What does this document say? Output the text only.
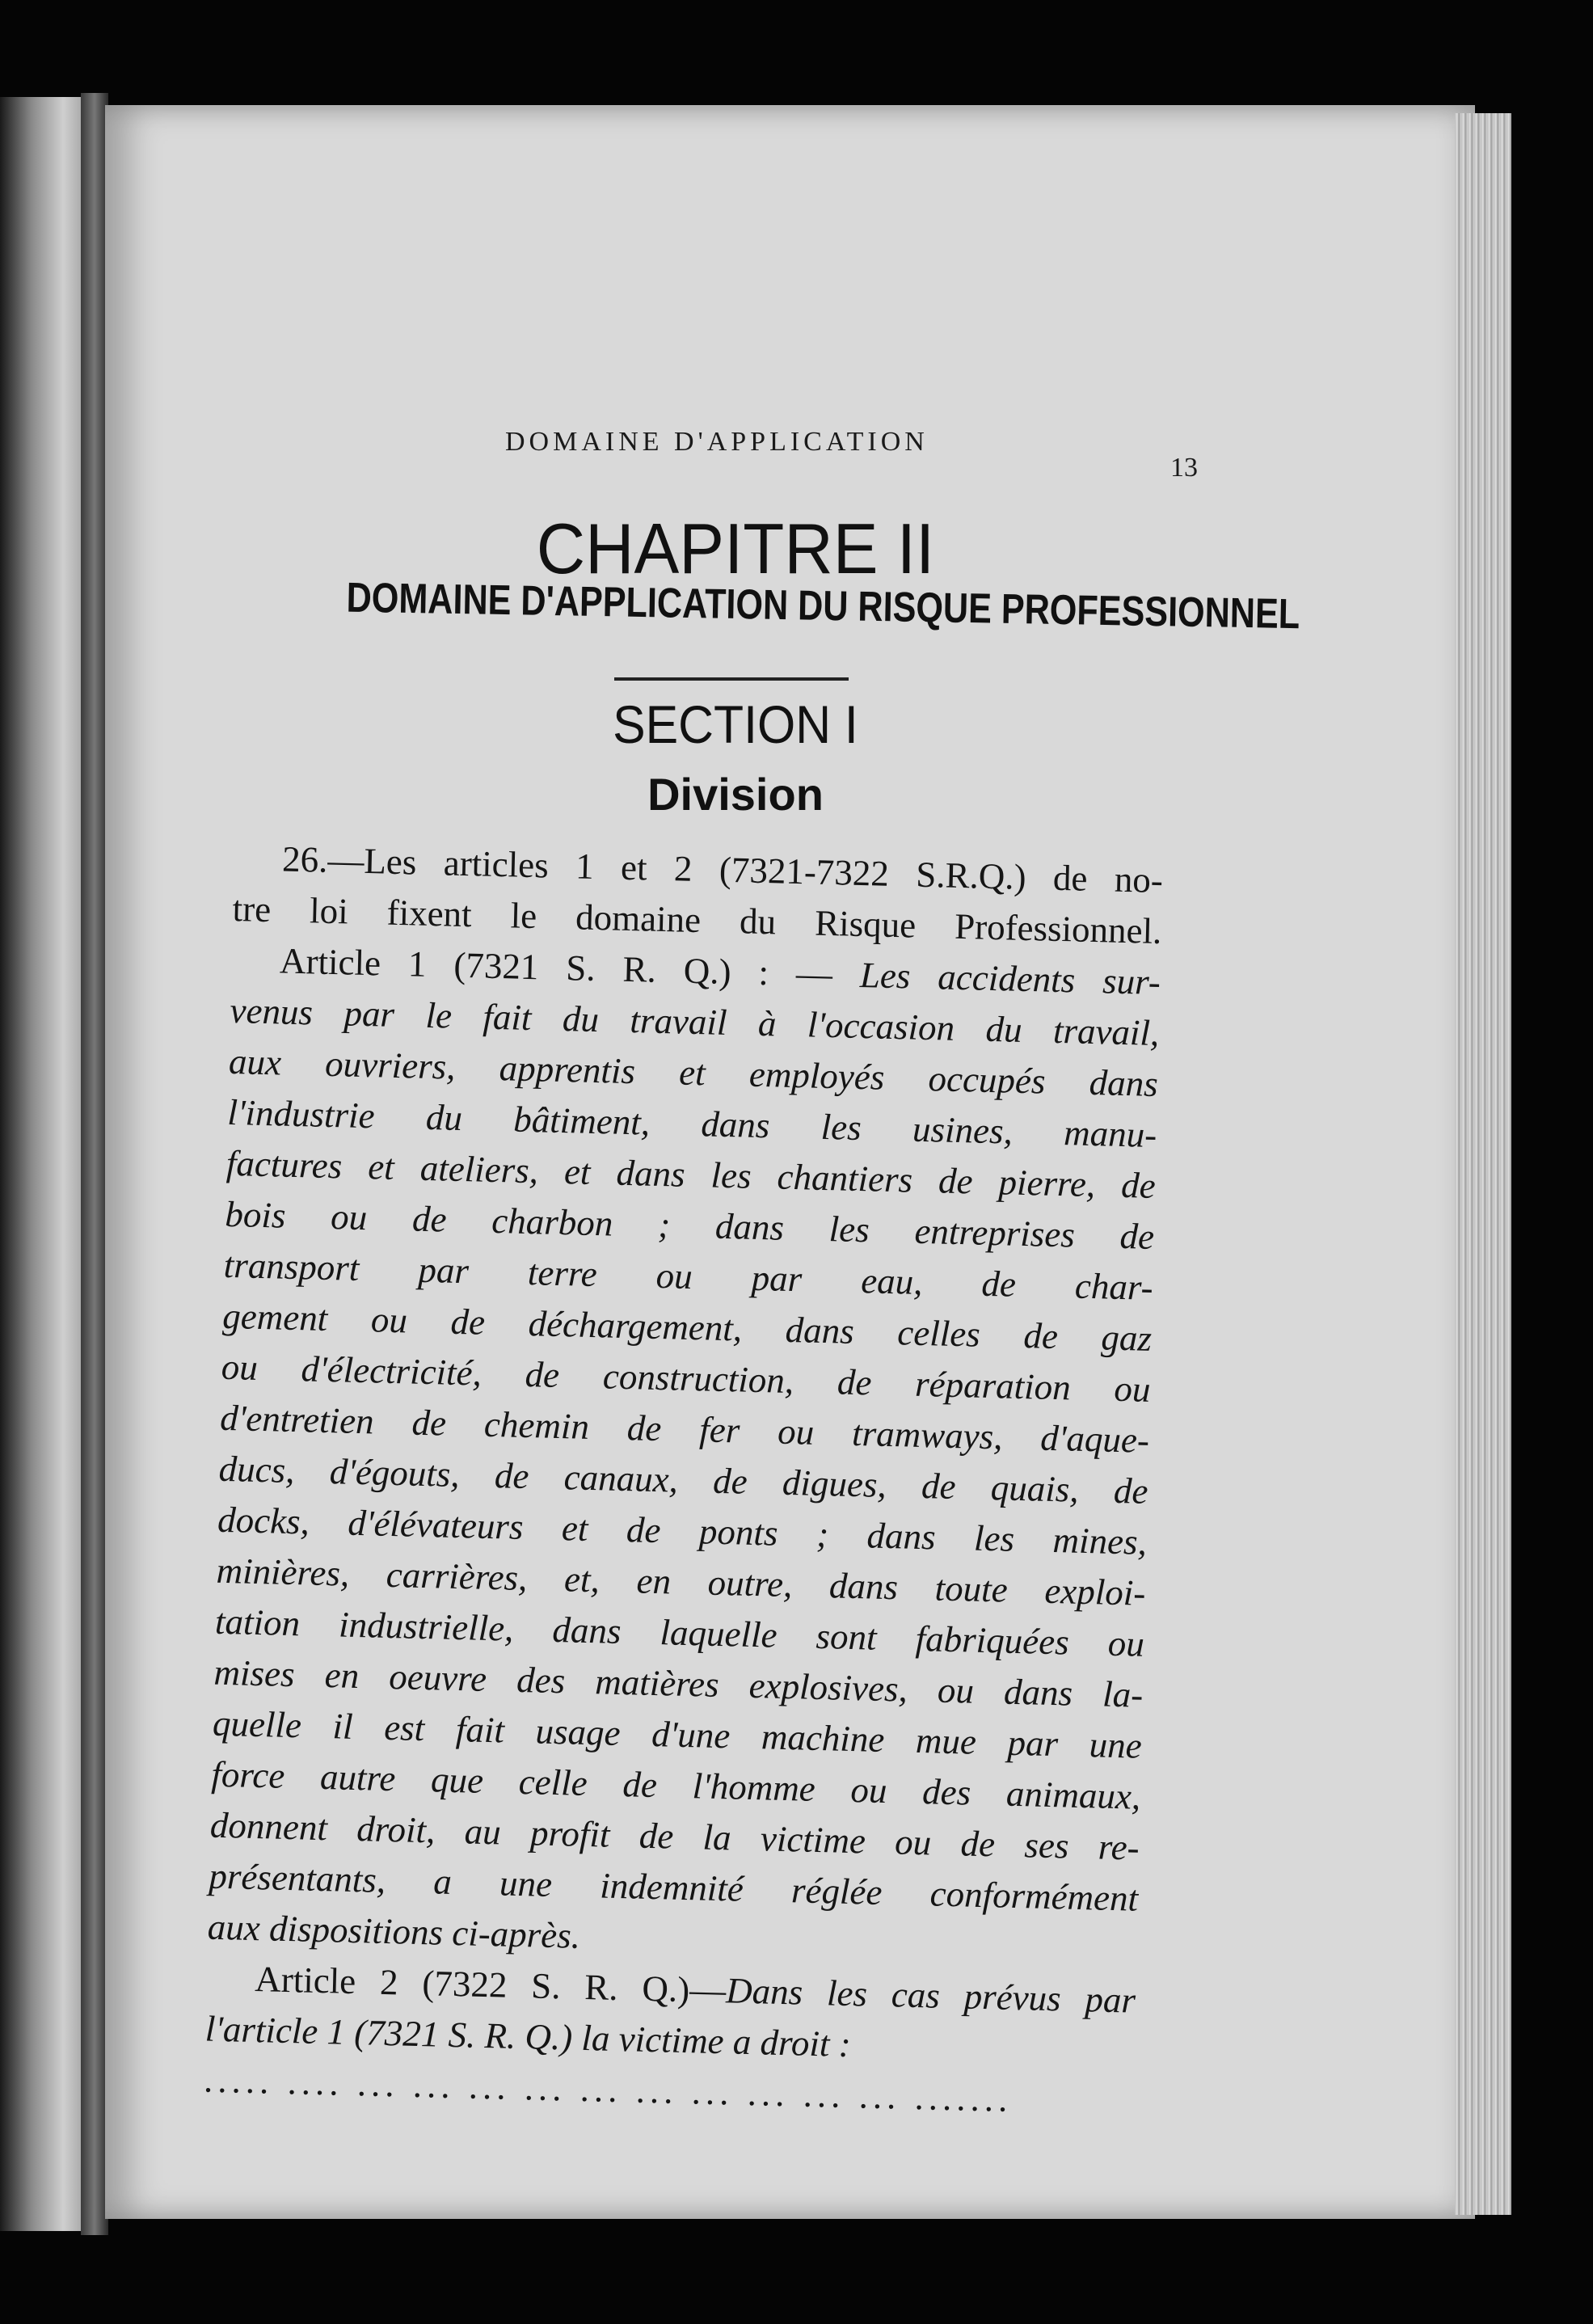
DOMAINE D'APPLICATION
13
CHAPITRE II
DOMAINE D'APPLICATION DU RISQUE PROFESSIONNEL
SECTION I
Division
26.—Les articles 1 et 2 (7321-7322 S.R.Q.) de no-
tre loi fixent le domaine du Risque Professionnel.
Article 1 (7321 S. R. Q.) : — Les accidents sur-
venus par le fait du travail à l'occasion du travail,
aux ouvriers, apprentis et employés occupés dans
l'industrie du bâtiment, dans les usines, manu-
factures et ateliers, et dans les chantiers de pierre, de
bois ou de charbon ; dans les entreprises de
transport par terre ou par eau, de char-
gement ou de déchargement, dans celles de gaz
ou d'électricité, de construction, de réparation ou
d'entretien de chemin de fer ou tramways, d'aque-
ducs, d'égouts, de canaux, de digues, de quais, de
docks, d'élévateurs et de ponts ; dans les mines,
minières, carrières, et, en outre, dans toute exploi-
tation industrielle, dans laquelle sont fabriquées ou
mises en oeuvre des matières explosives, ou dans la-
quelle il est fait usage d'une machine mue par une
force autre que celle de l'homme ou des animaux,
donnent droit, au profit de la victime ou de ses re-
présentants, a une indemnité réglée conformément
aux dispositions ci-après.
Article 2 (7322 S. R. Q.)—Dans les cas prévus par
l'article 1 (7321 S. R. Q.) la victime a droit :
..... .... ... ... ... ... ... ... ... ... ... ... .......
